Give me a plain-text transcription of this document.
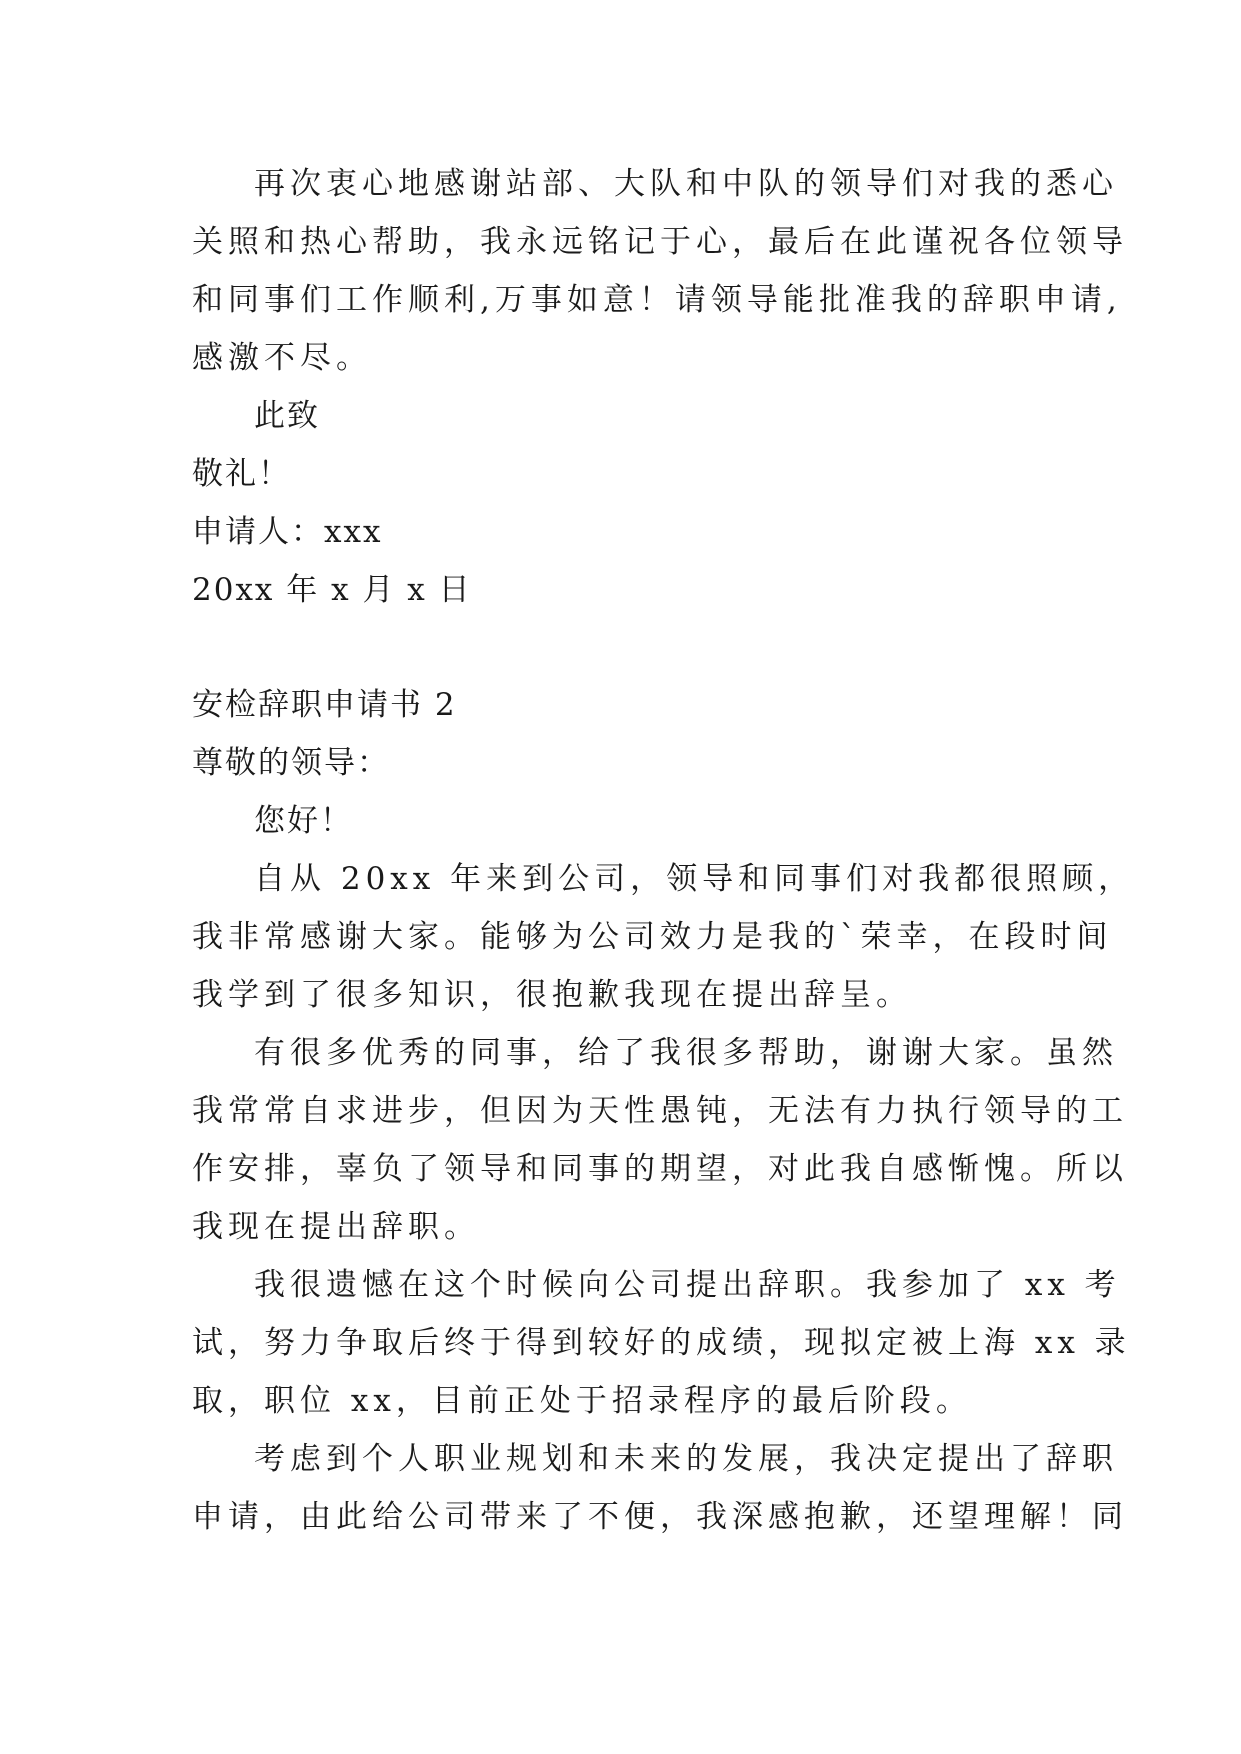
再次衷心地感谢站部、大队和中队的领导们对我的悉心
关照和热心帮助，我永远铭记于心，最后在此谨祝各位领导
和同事们工作顺利,万事如意！请领导能批准我的辞职申请,
感激不尽。
此致
敬礼！
申请人：xxx
20xx 年 x 月 x 日
安检辞职申请书 2
尊敬的领导：
您好！
自从 20xx 年来到公司，领导和同事们对我都很照顾，
我非常感谢大家。能够为公司效力是我的`荣幸，在段时间
我学到了很多知识，很抱歉我现在提出辞呈。
有很多优秀的同事，给了我很多帮助，谢谢大家。虽然
我常常自求进步，但因为天性愚钝，无法有力执行领导的工
作安排，辜负了领导和同事的期望，对此我自感惭愧。所以
我现在提出辞职。
我很遗憾在这个时候向公司提出辞职。我参加了 xx 考
试，努力争取后终于得到较好的成绩，现拟定被上海 xx 录
取，职位 xx，目前正处于招录程序的最后阶段。
考虑到个人职业规划和未来的发展，我决定提出了辞职
申请，由此给公司带来了不便，我深感抱歉，还望理解！同
